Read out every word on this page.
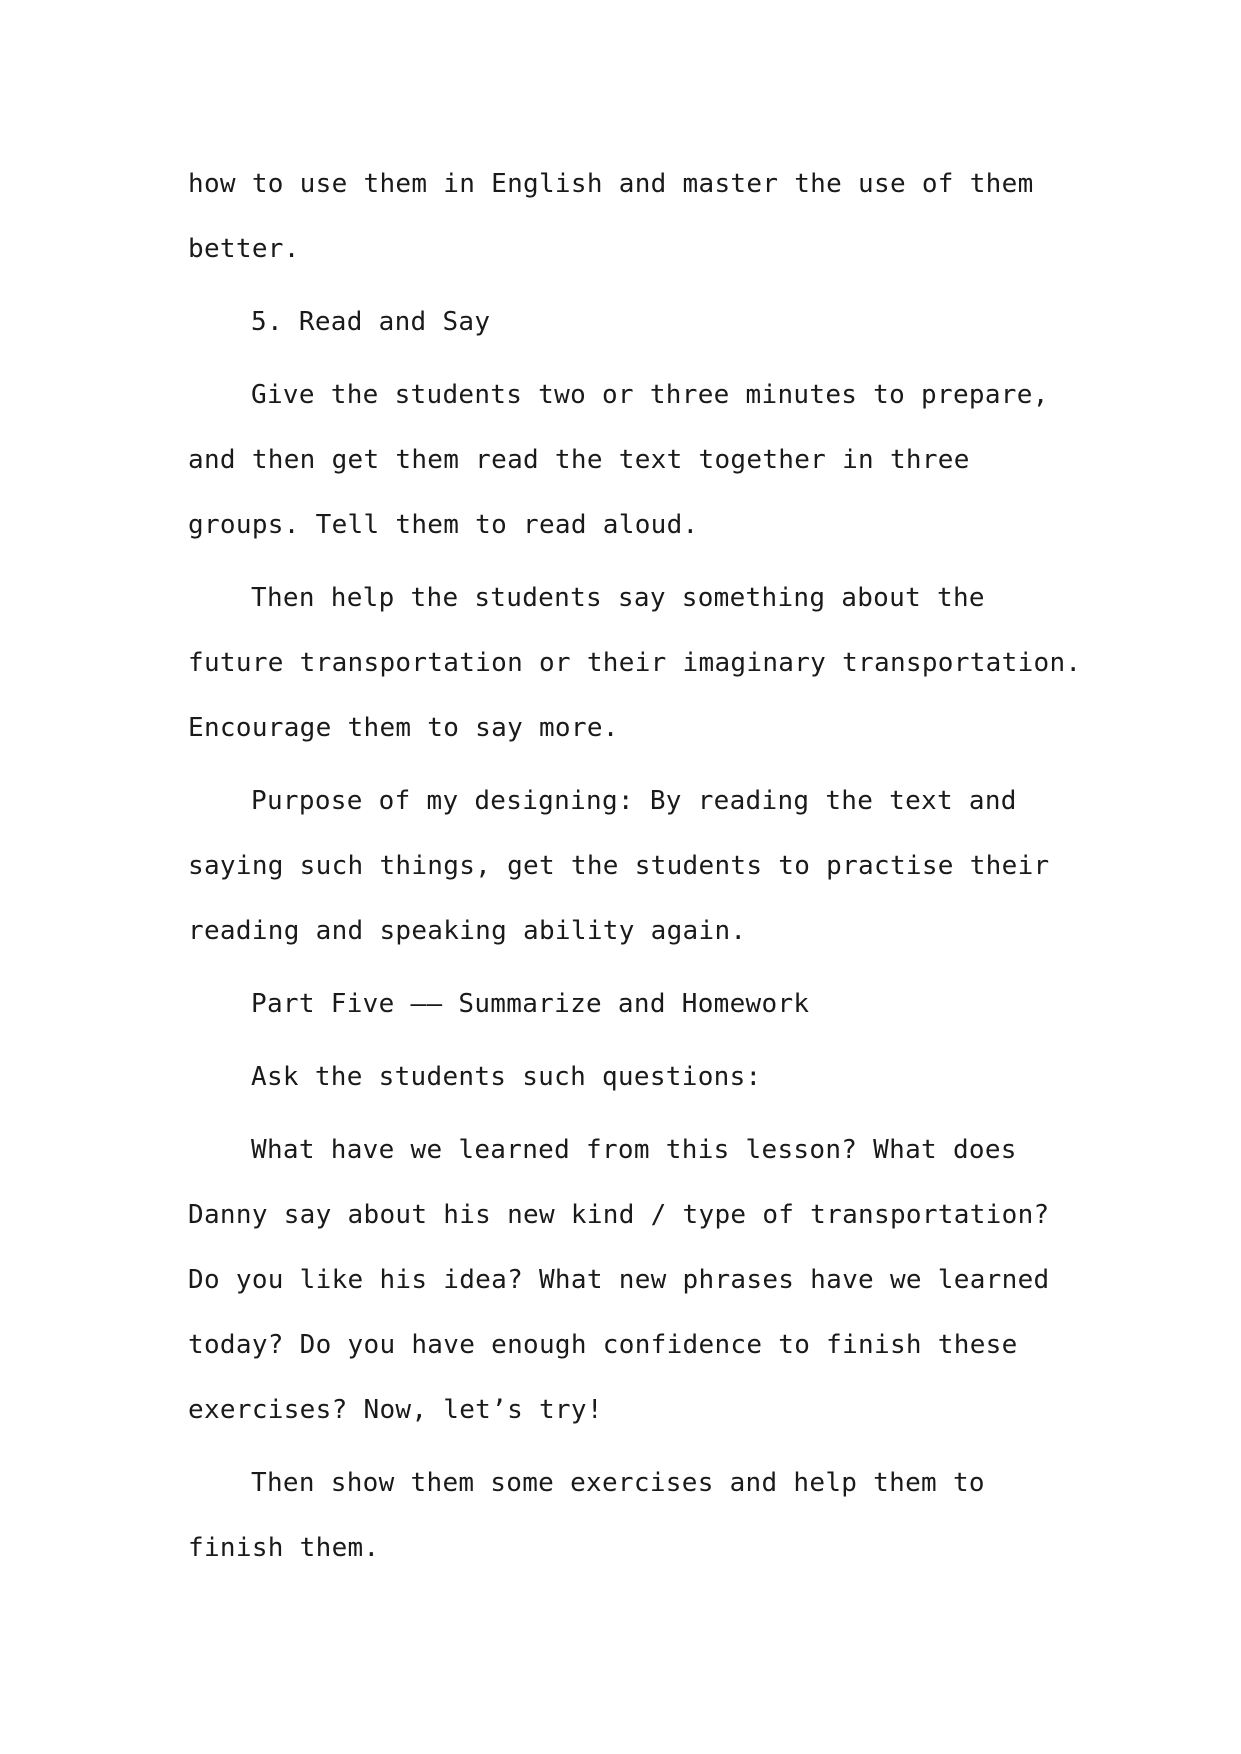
how to use them in English and master the use of them

better.

5. Read and Say

Give the students two or three minutes to prepare,

and then get them read the text together in three

groups. Tell them to read aloud.

Then help the students say something about the

future transportation or their imaginary transportation.

Encourage them to say more.

Purpose of my designing: By reading the text and

saying such things, get the students to practise their

reading and speaking ability again.

Part Five —— Summarize and Homework

Ask the students such questions:

What have we learned from this lesson? What does

Danny say about his new kind / type of transportation?

Do you like his idea? What new phrases have we learned

today? Do you have enough confidence to finish these

exercises? Now, let’s try!

Then show them some exercises and help them to

finish them.
